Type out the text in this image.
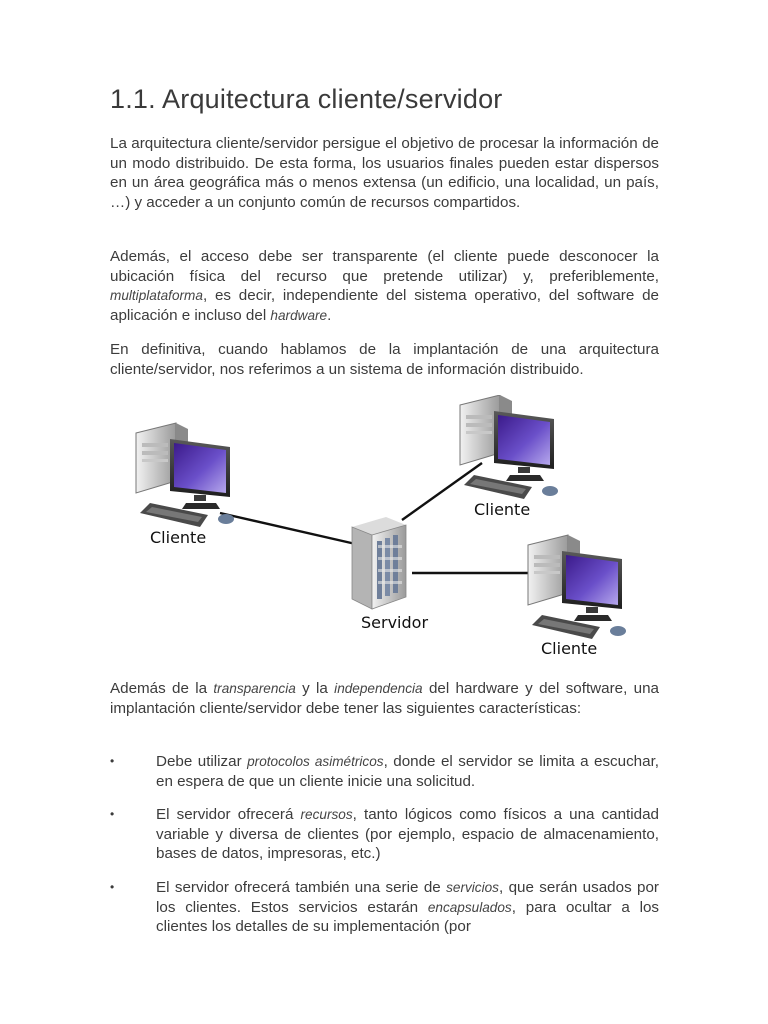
1.1. Arquitectura cliente/servidor

La arquitectura cliente/servidor persigue el objetivo de procesar la información de un modo distribuido. De esta forma, los usuarios finales pueden estar dispersos en un área geográfica más o menos extensa (un edificio, una localidad, un país, …) y acceder a un conjunto común de recursos compartidos.

Además, el acceso debe ser transparente (el cliente puede desconocer la ubicación física del recurso que pretende utilizar) y, preferiblemente, multiplataforma, es decir, independiente del sistema operativo, del software de aplicación e incluso del hardware.

En definitiva, cuando hablamos de la implantación de una arquitectura cliente/servidor, nos referimos a un sistema de información distribuido.

Además de la transparencia y la independencia del hardware y del software, una implantación cliente/servidor debe tener las siguientes características:

•	Debe utilizar protocolos asimétricos, donde el servidor se limita a escuchar, en espera de que un cliente inicie una solicitud.
•	El servidor ofrecerá recursos, tanto lógicos como físicos a una cantidad variable y diversa de clientes (por ejemplo, espacio de almacenamiento, bases de datos, impresoras, etc.)
•	El servidor ofrecerá también una serie de servicios, que serán usados por los clientes. Estos servicios estarán encapsulados, para ocultar a los clientes los detalles de su implementación (por
Cliente
Cliente
Cliente
Servidor
